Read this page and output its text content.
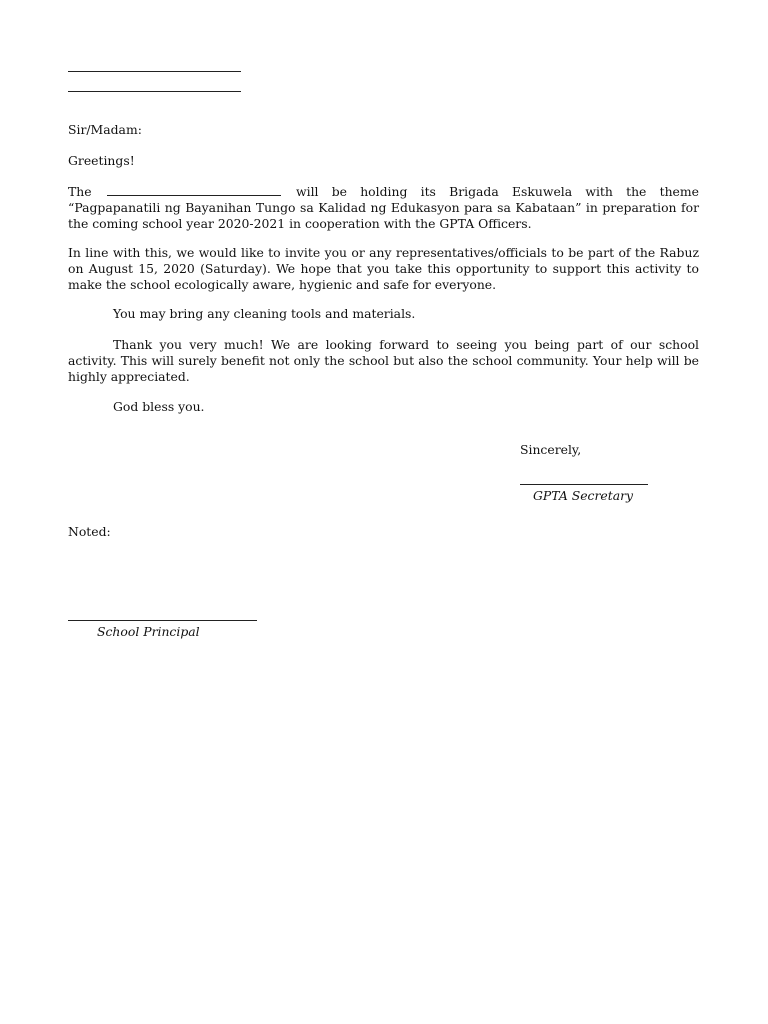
Sir/Madam:
Greetings!
The	will be holding its Brigada Eskuwela with the theme “Pagpapanatili ng Bayanihan Tungo sa Kalidad ng Edukasyon para sa Kabataan” in preparation for the coming school year 2020-2021 in cooperation with the GPTA Officers.
In line with this, we would like to invite you or any representatives/officials to be part of the Rabuz on August 15, 2020 (Saturday). We hope that you take this opportunity to support this activity to make the school ecologically aware, hygienic and safe for everyone.
You may bring any cleaning tools and materials.
Thank you very much! We are looking forward to seeing you being part of our school activity. This will surely benefit not only the school but also the school community. Your help will be highly appreciated.
God bless you.
Sincerely,
GPTA Secretary
Noted:
School Principal
